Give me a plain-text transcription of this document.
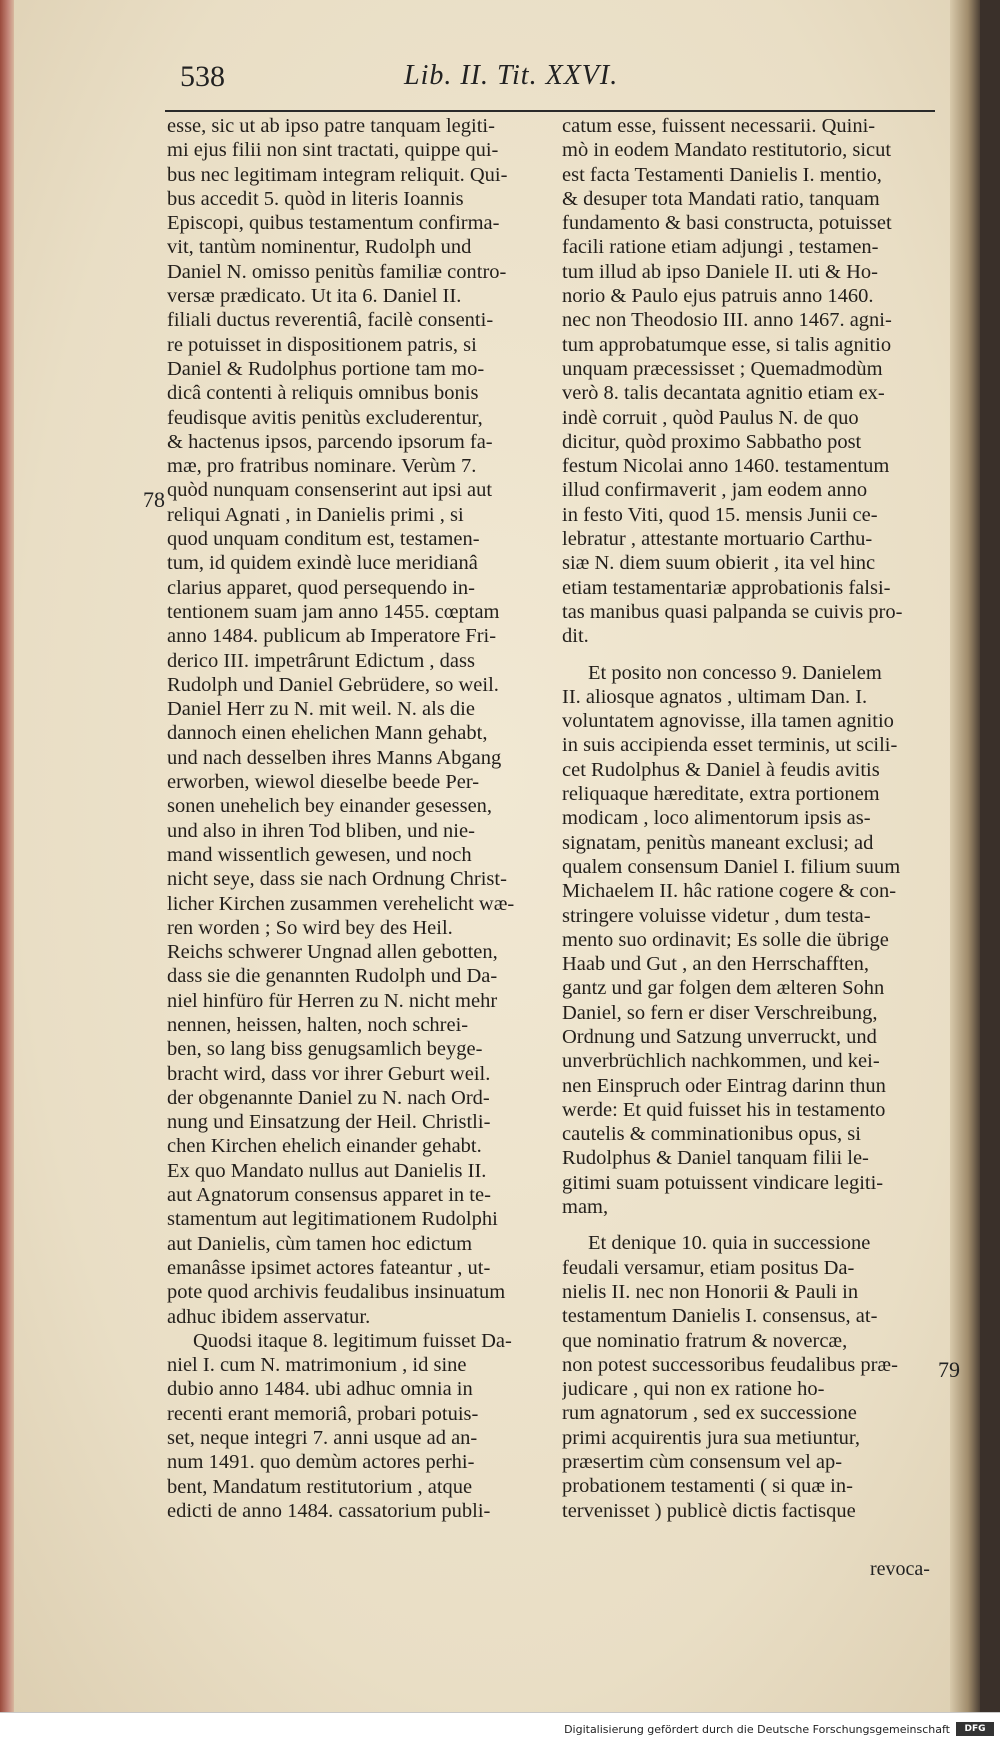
538	Lib. II. Tit. XXVI.
esse, sic ut ab ipso patre tanquam legiti-
mi ejus filii non sint tractati, quippe qui-
bus nec legitimam integram reliquit. Qui-
bus accedit 5. quòd in literis Ioannis
Episcopi, quibus testamentum confirma-
vit, tantùm nominentur, Rudolph und
Daniel N. omisso penitùs familiæ contro-
versæ prædicato. Ut ita 6. Daniel II.
filiali ductus reverentiâ, facilè consenti-
re potuisset in dispositionem patris, si
Daniel & Rudolphus portione tam mo-
dicâ contenti à reliquis omnibus bonis
feudisque avitis penitùs excluderentur,
& hactenus ipsos, parcendo ipsorum fa-
mæ, pro fratribus nominare. Verùm 7.
quòd nunquam consenserint aut ipsi aut
reliqui Agnati , in Danielis primi , si
quod unquam conditum est, testamen-
tum, id quidem exindè luce meridianâ
clarius apparet, quod persequendo in-
tentionem suam jam anno 1455. cœptam
anno 1484. publicum ab Imperatore Fri-
derico III. impetrârunt Edictum , dass
Rudolph und Daniel Gebrüdere, so weil.
Daniel Herr zu N. mit weil. N. als die
dannoch einen ehelichen Mann gehabt,
und nach desselben ihres Manns Abgang
erworben, wiewol dieselbe beede Per-
sonen unehelich bey einander gesessen,
und also in ihren Tod bliben, und nie-
mand wissentlich gewesen, und noch
nicht seye, dass sie nach Ordnung Christ-
licher Kirchen zusammen verehelicht wæ-
ren worden ; So wird bey des Heil.
Reichs schwerer Ungnad allen gebotten,
dass sie die genannten Rudolph und Da-
niel hinfüro für Herren zu N. nicht mehr
nennen, heissen, halten, noch schrei-
ben, so lang biss genugsamlich beyge-
bracht wird, dass vor ihrer Geburt weil.
der obgenannte Daniel zu N. nach Ord-
nung und Einsatzung der Heil. Christli-
chen Kirchen ehelich einander gehabt.
Ex quo Mandato nullus aut Danielis II.
aut Agnatorum consensus apparet in te-
stamentum aut legitimationem Rudolphi
aut Danielis, cùm tamen hoc edictum
emanâsse ipsimet actores fateantur , ut-
pote quod archivis feudalibus insinuatum
adhuc ibidem asservatur.
Quodsi itaque 8. legitimum fuisset Da-
niel I. cum N. matrimonium , id sine
dubio anno 1484. ubi adhuc omnia in
recenti erant memoriâ, probari potuis-
set, neque integri 7. anni usque ad an-
num 1491. quo demùm actores perhi-
bent, Mandatum restitutorium , atque
edicti de anno 1484. cassatorium publi-
catum esse, fuissent necessarii. Quini-
mò in eodem Mandato restitutorio, sicut
est facta Testamenti Danielis I. mentio,
& desuper tota Mandati ratio, tanquam
fundamento & basi constructa, potuisset
facili ratione etiam adjungi , testamen-
tum illud ab ipso Daniele II. uti & Ho-
norio & Paulo ejus patruis anno 1460.
nec non Theodosio III. anno 1467. agni-
tum approbatumque esse, si talis agnitio
unquam præcessisset ; Quemadmodùm
verò 8. talis decantata agnitio etiam ex-
indè corruit , quòd Paulus N. de quo
dicitur, quòd proximo Sabbatho post
festum Nicolai anno 1460. testamentum
illud confirmaverit , jam eodem anno
in festo Viti, quod 15. mensis Junii ce-
lebratur , attestante mortuario Carthu-
siæ N. diem suum obierit , ita vel hinc
etiam testamentariæ approbationis falsi-
tas manibus quasi palpanda se cuivis pro-
dit.
Et posito non concesso 9. Danielem
II. aliosque agnatos , ultimam Dan. I.
voluntatem agnovisse, illa tamen agnitio
in suis accipienda esset terminis, ut scili-
cet Rudolphus & Daniel à feudis avitis
reliquaque hæreditate, extra portionem
modicam , loco alimentorum ipsis as-
signatam, penitùs maneant exclusi; ad
qualem consensum Daniel I. filium suum
Michaelem II. hâc ratione cogere & con-
stringere voluisse videtur , dum testa-
mento suo ordinavit; Es solle die übrige
Haab und Gut , an den Herrschafften,
gantz und gar folgen dem ælteren Sohn
Daniel, so fern er diser Verschreibung,
Ordnung und Satzung unverruckt, und
unverbrüchlich nachkommen, und kei-
nen Einspruch oder Eintrag darinn thun
werde: Et quid fuisset his in testamento
cautelis & comminationibus opus, si
Rudolphus & Daniel tanquam filii le-
gitimi suam potuissent vindicare legiti-
mam,
Et denique 10. quia in successione
feudali versamur, etiam positus Da-
nielis II. nec non Honorii & Pauli in
testamentum Danielis I. consensus, at-
que nominatio fratrum & novercæ,
non potest successoribus feudalibus præ-
judicare , qui non ex ratione ho-
rum agnatorum , sed ex successione
primi acquirentis jura sua metiuntur,
præsertim cùm consensum vel ap-
probationem testamenti ( si quæ in-
tervenisset ) publicè dictis factisque
78
79
revoca-
Digitalisierung gefördert durch die Deutsche Forschungsgemeinschaft	DFG
